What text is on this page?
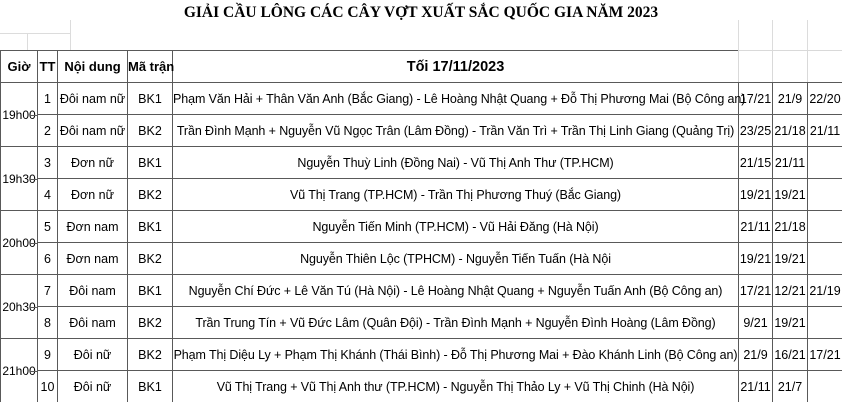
GIẢI CẦU LÔNG CÁC CÂY VỢT XUẤT SẮC QUỐC GIA NĂM 2023
Giờ	TT	Nội dung	Mã trận	Tối 17/11/2023			
19h00	1	Đôi nam nữ	BK1	Phạm Văn Hải + Thân Văn Anh (Bắc Giang) - Lê Hoàng Nhật Quang + Đỗ Thị Phương Mai (Bộ Công an)	17/21	21/9	22/20
	2	Đôi nam nữ	BK2	Trần Đình Mạnh + Nguyễn Vũ Ngọc Trân (Lâm Đồng) - Trần Văn Trì + Trần Thị Linh Giang (Quảng Trị)	23/25	21/18	21/11
19h30	3	Đơn nữ	BK1	Nguyễn Thuỳ Linh (Đồng Nai) - Vũ Thị Anh Thư (TP.HCM)	21/15	21/11	
	4	Đơn nữ	BK2	Vũ Thị Trang (TP.HCM) - Trần Thị Phương Thuý (Bắc Giang)	19/21	19/21	
20h00	5	Đơn nam	BK1	Nguyễn Tiến Minh (TP.HCM) - Vũ Hải Đăng (Hà Nội)	21/11	21/18	
	6	Đơn nam	BK2	Nguyễn Thiên Lộc (TPHCM) - Nguyễn Tiến Tuấn (Hà Nội	19/21	19/21	
20h30	7	Đôi nam	BK1	Nguyễn Chí Đức + Lê Văn Tú (Hà Nội) - Lê Hoàng Nhật Quang + Nguyễn Tuấn Anh (Bộ Công an)	17/21	12/21	21/19
	8	Đôi nam	BK2	Trần Trung Tín + Vũ Đức Lâm (Quân Đội) - Trần Đình Mạnh + Nguyễn Đình Hoàng (Lâm Đồng)	9/21	19/21	
21h00	9	Đôi nữ	BK2	Phạm Thị Diệu Ly + Phạm Thị Khánh (Thái Bình) - Đỗ Thị Phương Mai + Đào Khánh Linh (Bộ Công an)	21/9	16/21	17/21
	10	Đôi nữ	BK1	Vũ Thị Trang + Vũ Thị Anh thư (TP.HCM) - Nguyễn Thị Thảo Ly + Vũ Thị Chinh (Hà Nội)	21/11	21/7	
